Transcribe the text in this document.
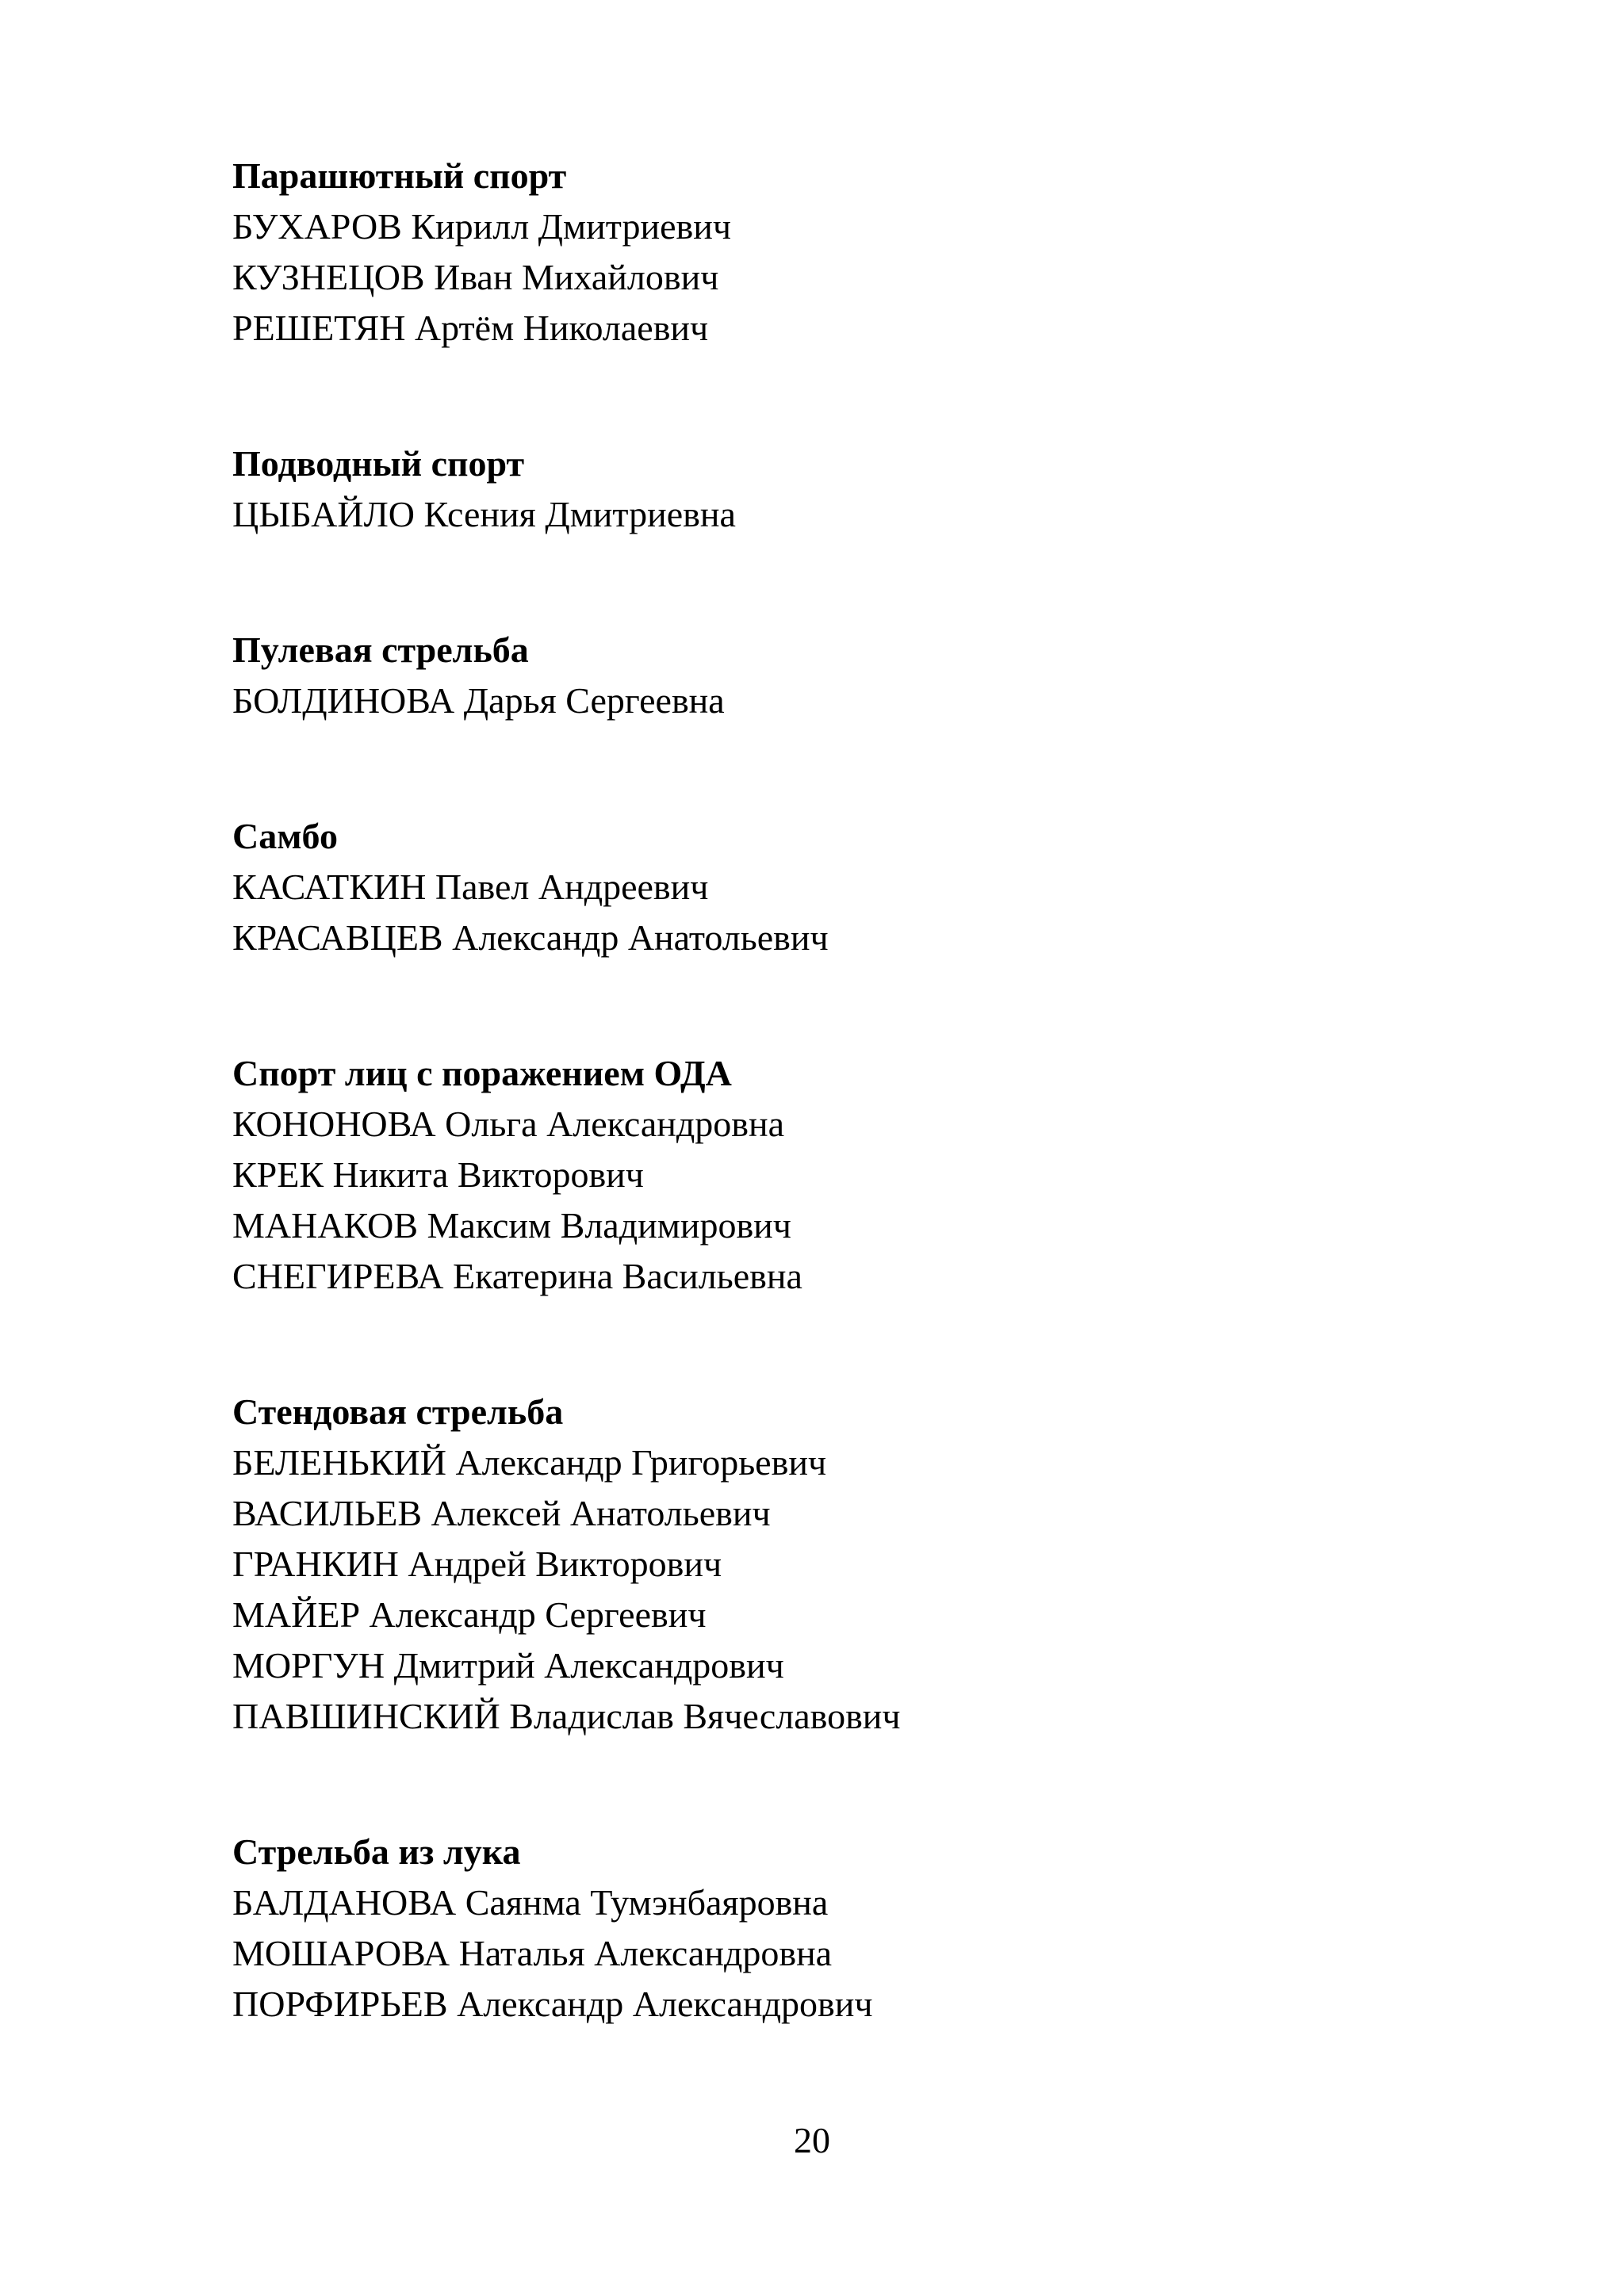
Парашютный спорт
БУХАРОВ Кирилл Дмитриевич
КУЗНЕЦОВ Иван Михайлович
РЕШЕТЯН Артём Николаевич
Подводный спорт
ЦЫБАЙЛО Ксения Дмитриевна
Пулевая стрельба
БОЛДИНОВА Дарья Сергеевна
Самбо
КАСАТКИН Павел Андреевич
КРАСАВЦЕВ Александр Анатольевич
Спорт лиц с поражением ОДА
КОНОНОВА Ольга Александровна
КРЕК Никита Викторович
МАНАКОВ Максим Владимирович
СНЕГИРЕВА Екатерина Васильевна
Стендовая стрельба
БЕЛЕНЬКИЙ Александр Григорьевич
ВАСИЛЬЕВ Алексей Анатольевич
ГРАНКИН Андрей Викторович
МАЙЕР Александр Сергеевич
МОРГУН Дмитрий Александрович
ПАВШИНСКИЙ Владислав Вячеславович
Стрельба из лука
БАЛДАНОВА Саянма Тумэнбаяровна
МОШАРОВА Наталья Александровна
ПОРФИРЬЕВ Александр Александрович
20
